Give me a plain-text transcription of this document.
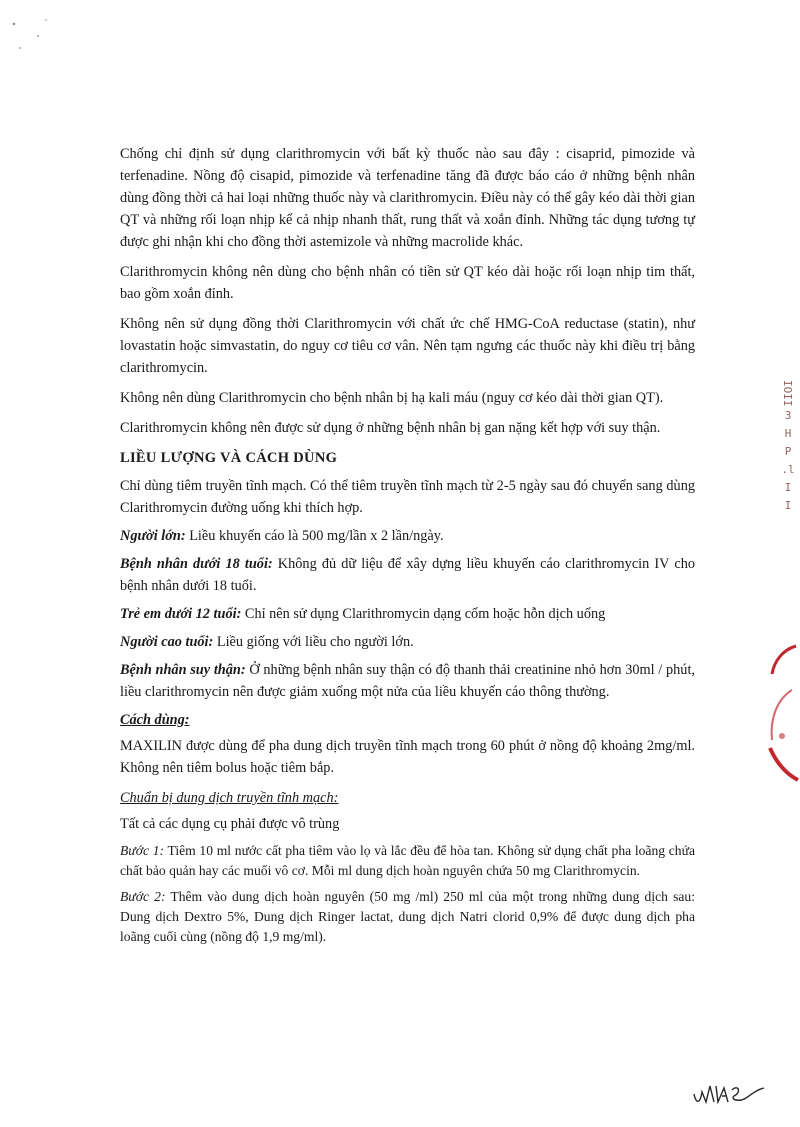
Chống chỉ định sử dụng clarithromycin với bất kỳ thuốc nào sau đây : cisaprid, pimozide và terfenadine. Nồng độ cisapid, pimozide và terfenadine tăng đã được báo cáo ở những bệnh nhân dùng đồng thời cả hai loại những thuốc này và clarithromycin. Điều này có thể gây kéo dài thời gian QT và những rối loạn nhịp kể cả nhịp nhanh thất, rung thất và xoắn đỉnh. Những tác dụng tương tự được ghi nhận khi cho đồng thời astemizole và những macrolide khác.

Clarithromycin không nên dùng cho bệnh nhân có tiền sử QT kéo dài hoặc rối loạn nhịp tim thất, bao gồm xoắn đỉnh.

Không nên sử dụng đồng thời Clarithromycin với chất ức chế HMG-CoA reductase (statin), như lovastatin hoặc simvastatin, do nguy cơ tiêu cơ vân. Nên tạm ngưng các thuốc này khi điều trị bằng clarithromycin.

Không nên dùng Clarithromycin cho bệnh nhân bị hạ kali máu (nguy cơ kéo dài thời gian QT).

Clarithromycin không nên được sử dụng ở những bệnh nhân bị gan nặng kết hợp với suy thận.

LIỀU LƯỢNG VÀ CÁCH DÙNG

Chỉ dùng tiêm truyền tĩnh mạch. Có thể tiêm truyền tĩnh mạch từ 2-5 ngày sau đó chuyển sang dùng Clarithromycin đường uống khi thích hợp.

Người lớn: Liều khuyến cáo là 500 mg/lần x 2 lần/ngày.

Bệnh nhân dưới 18 tuổi: Không đủ dữ liệu để xây dựng liều khuyến cáo clarithromycin IV cho bệnh nhân dưới 18 tuổi.

Trẻ em dưới 12 tuổi: Chỉ nên sử dụng Clarithromycin dạng cốm hoặc hỗn dịch uống

Người cao tuổi: Liều giống với liều cho người lớn.

Bệnh nhân suy thận: Ở những bệnh nhân suy thận có độ thanh thải creatinine nhỏ hơn 30ml / phút, liều clarithromycin nên được giảm xuống một nửa của liều khuyến cáo thông thường.

Cách dùng:

MAXILIN được dùng để pha dung dịch truyền tĩnh mạch trong 60 phút ở nồng độ khoảng 2mg/ml. Không nên tiêm bolus hoặc tiêm bắp.

Chuẩn bị dung dịch truyền tĩnh mạch:

Tất cả các dụng cụ phải được vô trùng

Bước 1: Tiêm 10 ml nước cất pha tiêm vào lọ và lắc đều để hòa tan. Không sử dụng chất pha loãng chứa chất bảo quản hay các muối vô cơ. Mỗi ml dung dịch hoàn nguyên chứa 50 mg Clarithromycin.

Bước 2: Thêm vào dung dịch hoàn nguyên (50 mg /ml) 250 ml của một trong những dung dịch sau: Dung dịch Dextro 5%, Dung dịch Ringer lactat, dung dịch Natri clorid 0,9% để được dung dịch pha loãng cuối cùng (nồng độ 1,9 mg/ml).

IOII
3
H
P
.l
I
I
